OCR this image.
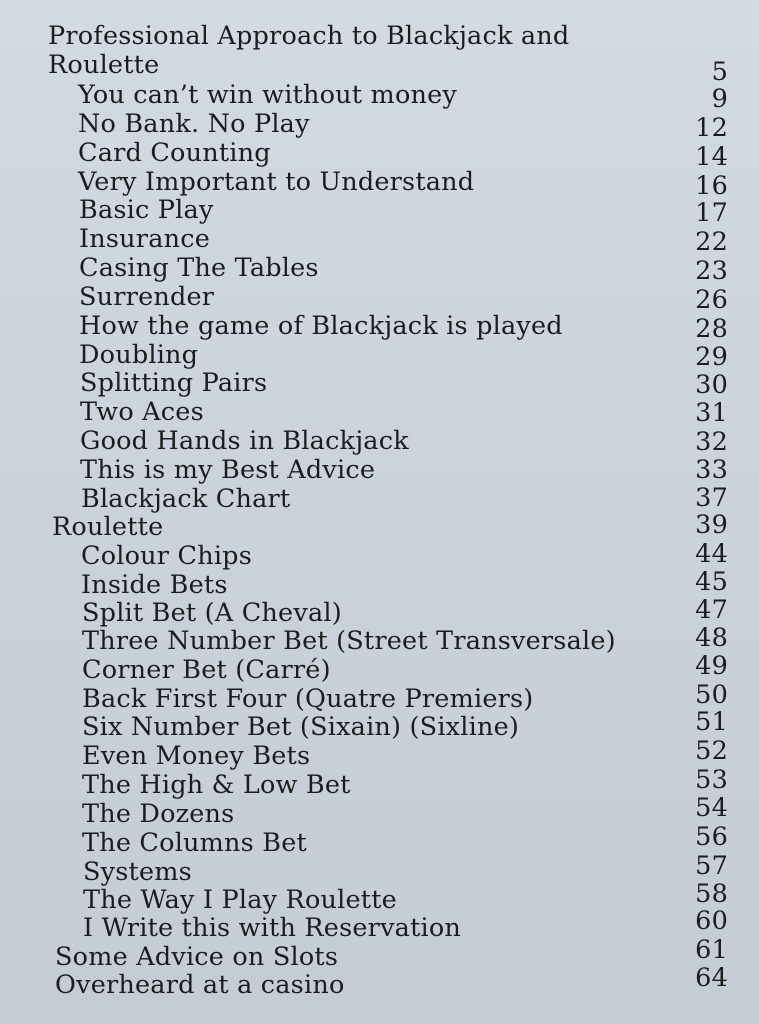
Professional Approach to Blackjack and
Roulette	5
You can’t win without money	9
No Bank. No Play	12
Card Counting	14
Very Important to Understand	16
Basic Play	17
Insurance	22
Casing The Tables	23
Surrender	26
How the game of Blackjack is played	28
Doubling	29
Splitting Pairs	30
Two Aces	31
Good Hands in Blackjack	32
This is my Best Advice	33
Blackjack Chart	37
Roulette	39
Colour Chips	44
Inside Bets	45
Split Bet (A Cheval)	47
Three Number Bet (Street Transversale)	48
Corner Bet (Carré)	49
Back First Four (Quatre Premiers)	50
Six Number Bet (Sixain) (Sixline)	51
Even Money Bets	52
The High & Low Bet	53
The Dozens	54
The Columns Bet	56
Systems	57
The Way I Play Roulette	58
I Write this with Reservation	60
Some Advice on Slots	61
Overheard at a casino	64
